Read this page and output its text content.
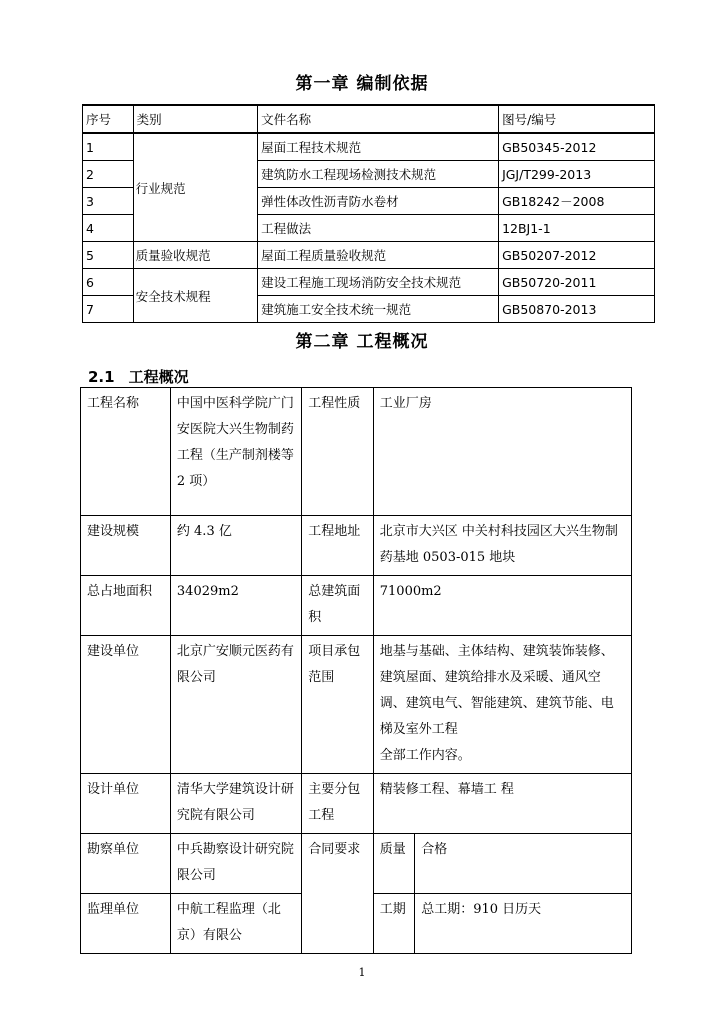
第一章 编制依据
序号	类别	文件名称	图号/编号
1	行业规范	屋面工程技术规范	GB50345-2012
2		建筑防水工程现场检测技术规范	JGJ/T299-2013
3		弹性体改性沥青防水卷材	GB18242－2008
4		工程做法	12BJ1-1
5	质量验收规范	屋面工程质量验收规范	GB50207-2012
6	安全技术规程	建设工程施工现场消防安全技术规范	GB50720-2011
7		建筑施工安全技术统一规范	GB50870-2013
第二章 工程概况
2.1 工程概况
工程名称	中国中医科学院广门安医院大兴生物制药工程（生产制剂楼等 2 项）	工程性质	工业厂房	
建设规模	约 4.3 亿	工程地址	北京市大兴区 中关村科技园区大兴生物制药基地 0503-015 地块	
总占地面积	34029m2	总建筑面积	71000m2	
建设单位	北京广安顺元医药有限公司	项目承包范围	地基与基础、主体结构、建筑装饰装修、建筑屋面、建筑给排水及采暖、通风空调、建筑电气、智能建筑、建筑节能、电梯及室外工程
全部工作内容。	

设计单位	清华大学建筑设计研究院有限公司	主要分包工程	精装修工程、幕墙工 程	
勘察单位	中兵勘察设计研究院 限公司	合同要求	质量	合格
监理单位	中航工程监理（北京）有限公		工期	总工期：910 日历天
1
